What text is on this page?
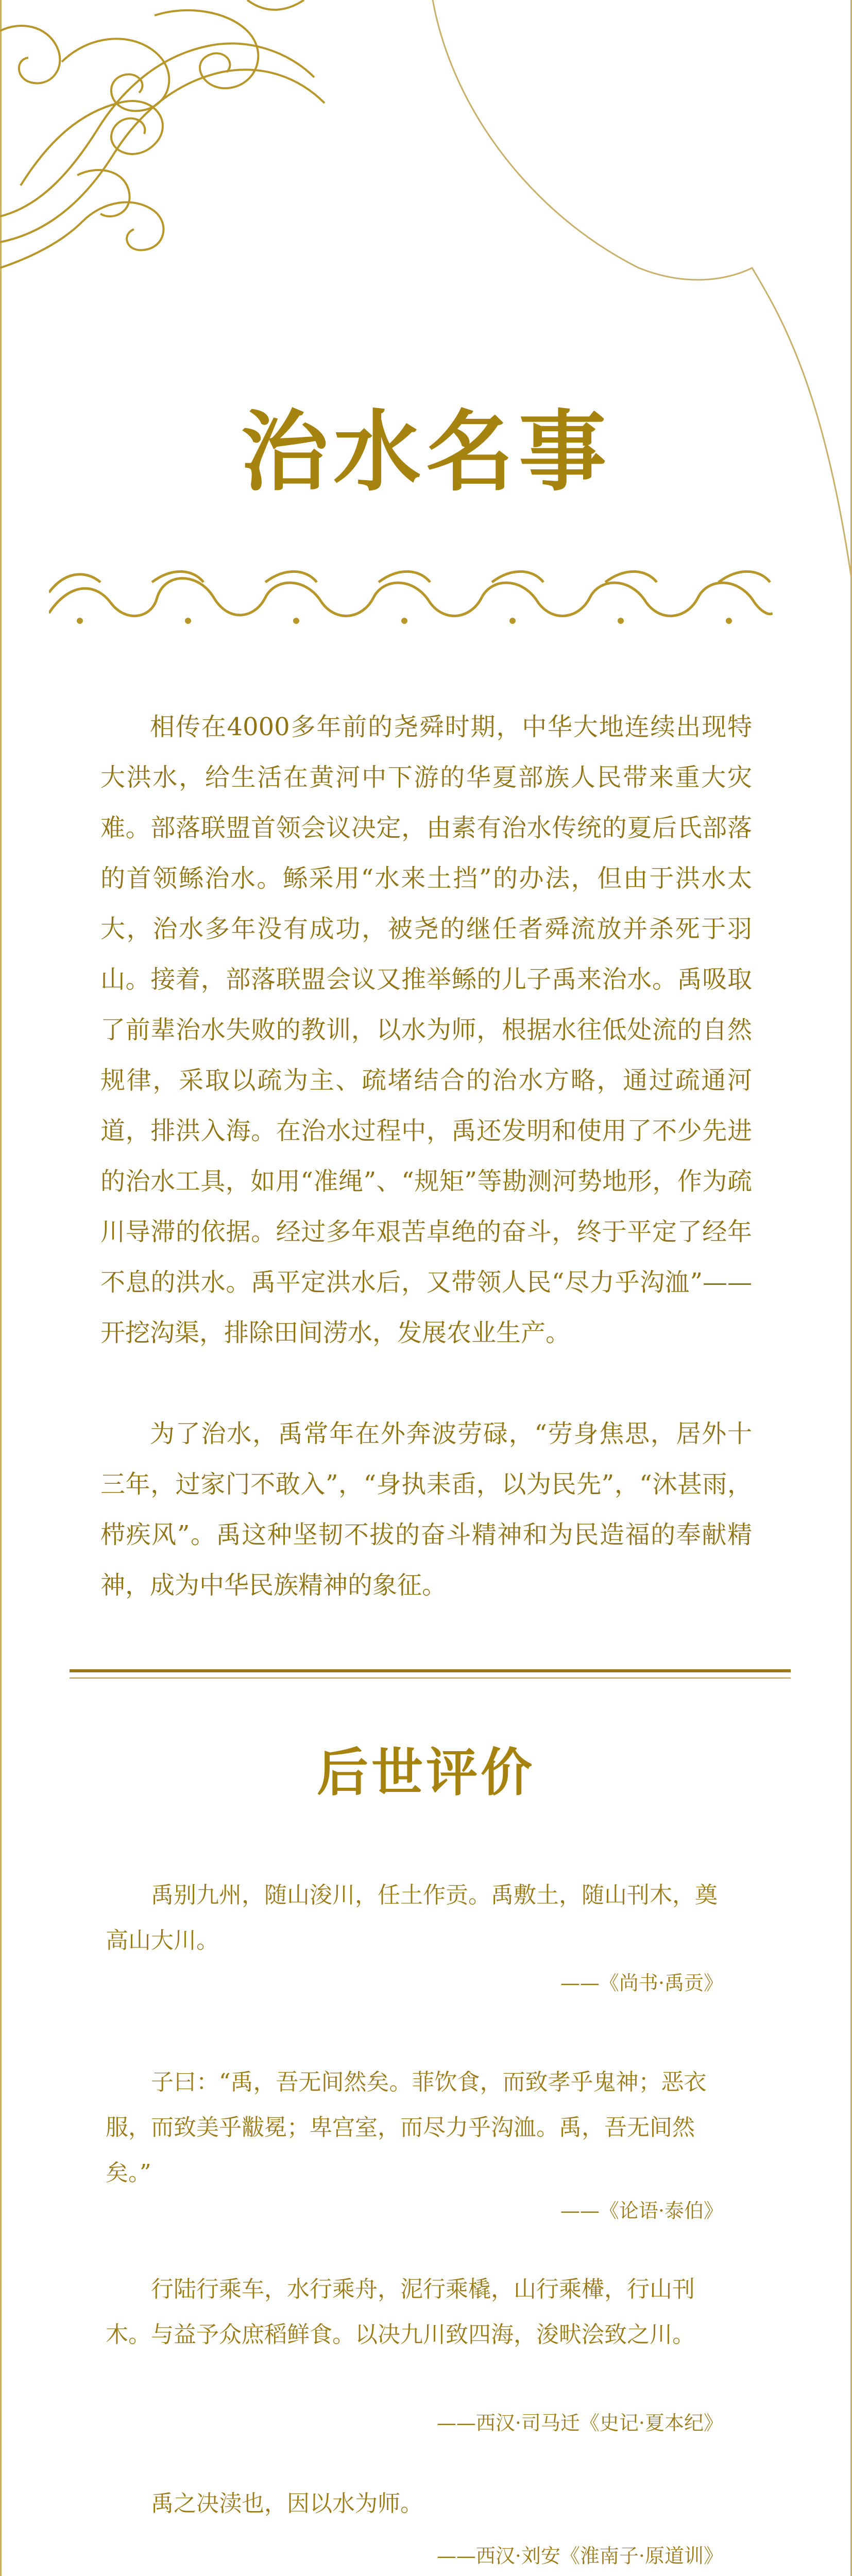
治水名事

相传在4000多年前的尧舜时期，中华大地连续出现特大洪水，给生活在黄河中下游的华夏部族人民带来重大灾难。部落联盟首领会议决定，由素有治水传统的夏后氏部落的首领鲧治水。鲧采用“水来土挡”的办法，但由于洪水太大，治水多年没有成功，被尧的继任者舜流放并杀死于羽山。接着，部落联盟会议又推举鲧的儿子禹来治水。禹吸取了前辈治水失败的教训，以水为师，根据水往低处流的自然规律，采取以疏为主、疏堵结合的治水方略，通过疏通河道，排洪入海。在治水过程中，禹还发明和使用了不少先进的治水工具，如用“准绳”、“规矩”等勘测河势地形，作为疏川导滞的依据。经过多年艰苦卓绝的奋斗，终于平定了经年不息的洪水。禹平定洪水后，又带领人民“尽力乎沟洫”——开挖沟渠，排除田间涝水，发展农业生产。

为了治水，禹常年在外奔波劳碌，“劳身焦思，居外十三年，过家门不敢入”，“身执耒臿，以为民先”，“沐甚雨，栉疾风”。禹这种坚韧不拔的奋斗精神和为民造福的奉献精神，成为中华民族精神的象征。

后世评价

禹别九州，随山浚川，任土作贡。禹敷土，随山刊木，奠高山大川。

——《尚书·禹贡》

子曰：“禹，吾无间然矣。菲饮食，而致孝乎鬼神；恶衣服，而致美乎黻冕；卑宫室，而尽力乎沟洫。禹，吾无间然矣。”

——《论语·泰伯》

行陆行乘车，水行乘舟，泥行乘橇，山行乘檋，行山刊木。与益予众庶稻鲜食。以决九川致四海，浚畎浍致之川。

——西汉·司马迁《史记·夏本纪》

禹之决渎也，因以水为师。

——西汉·刘安《淮南子·原道训》
